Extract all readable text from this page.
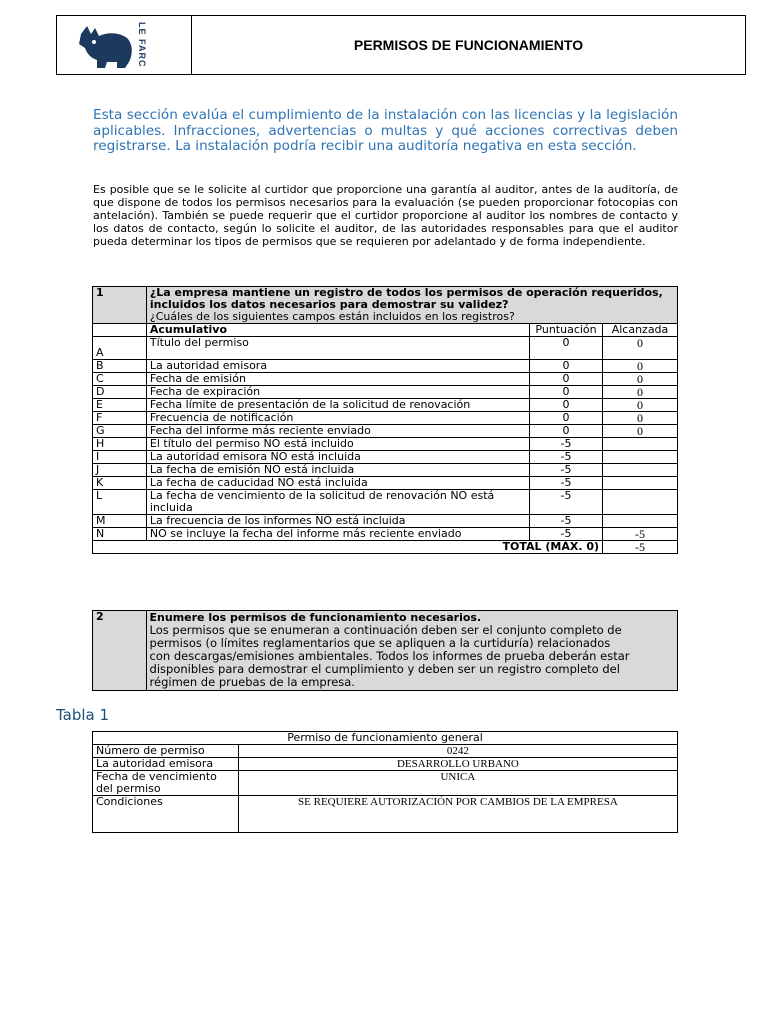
LE FARC	PERMISOS DE FUNCIONAMIENTO

Esta sección evalúa el cumplimiento de la instalación con las licencias y la legislación aplicables. Infracciones, advertencias o multas y qué acciones correctivas deben registrarse. La instalación podría recibir una auditoría negativa en esta sección.

Es posible que se le solicite al curtidor que proporcione una garantía al auditor, antes de la auditoría, de que dispone de todos los permisos necesarios para la evaluación (se pueden proporcionar fotocopias con antelación). También se puede requerir que el curtidor proporcione al auditor los nombres de contacto y los datos de contacto, según lo solicite el auditor, de las autoridades responsables para que el auditor pueda determinar los tipos de permisos que se requieren por adelantado y de forma independiente.

1	¿La empresa mantiene un registro de todos los permisos de operación requeridos, incluidos los datos necesarios para demostrar su validez?
¿Cuáles de los siguientes campos están incluidos en los registros?		
	Acumulativo	Puntuación	Alcanzada
A	Título del permiso	0	0
B	La autoridad emisora	0	0
C	Fecha de emisión	0	0
D	Fecha de expiración	0	0
E	Fecha límite de presentación de la solicitud de renovación	0	0
F	Frecuencia de notificación	0	0
G	Fecha del informe más reciente enviado	0	0
H	El título del permiso NO está incluido	-5	
I	La autoridad emisora NO está incluida	-5	
J	La fecha de emisión NO está incluida	-5	
K	La fecha de caducidad NO está incluida	-5	
L	La fecha de vencimiento de la solicitud de renovación NO está incluida	-5	
M	La frecuencia de los informes NO está incluida	-5	
N	NO se incluye la fecha del informe más reciente enviado	-5	-5
TOTAL (MÁX. 0)			-5
2	Enumere los permisos de funcionamiento necesarios.

Los permisos que se enumeran a continuación deben ser el conjunto completo de permisos (o límites reglamentarios que se apliquen a la curtiduría) relacionados con descargas/emisiones ambientales. Todos los informes de prueba deberán estar disponibles para demostrar el cumplimiento y deben ser un registro completo del régimen de pruebas de la empresa.

Tabla 1

Permiso de funcionamiento general	
Número de permiso	0242
La autoridad emisora	DESARROLLO URBANO
Fecha de vencimiento del permiso	UNICA
Condiciones	SE REQUIERE AUTORIZACIÓN POR CAMBIOS DE LA EMPRESA
